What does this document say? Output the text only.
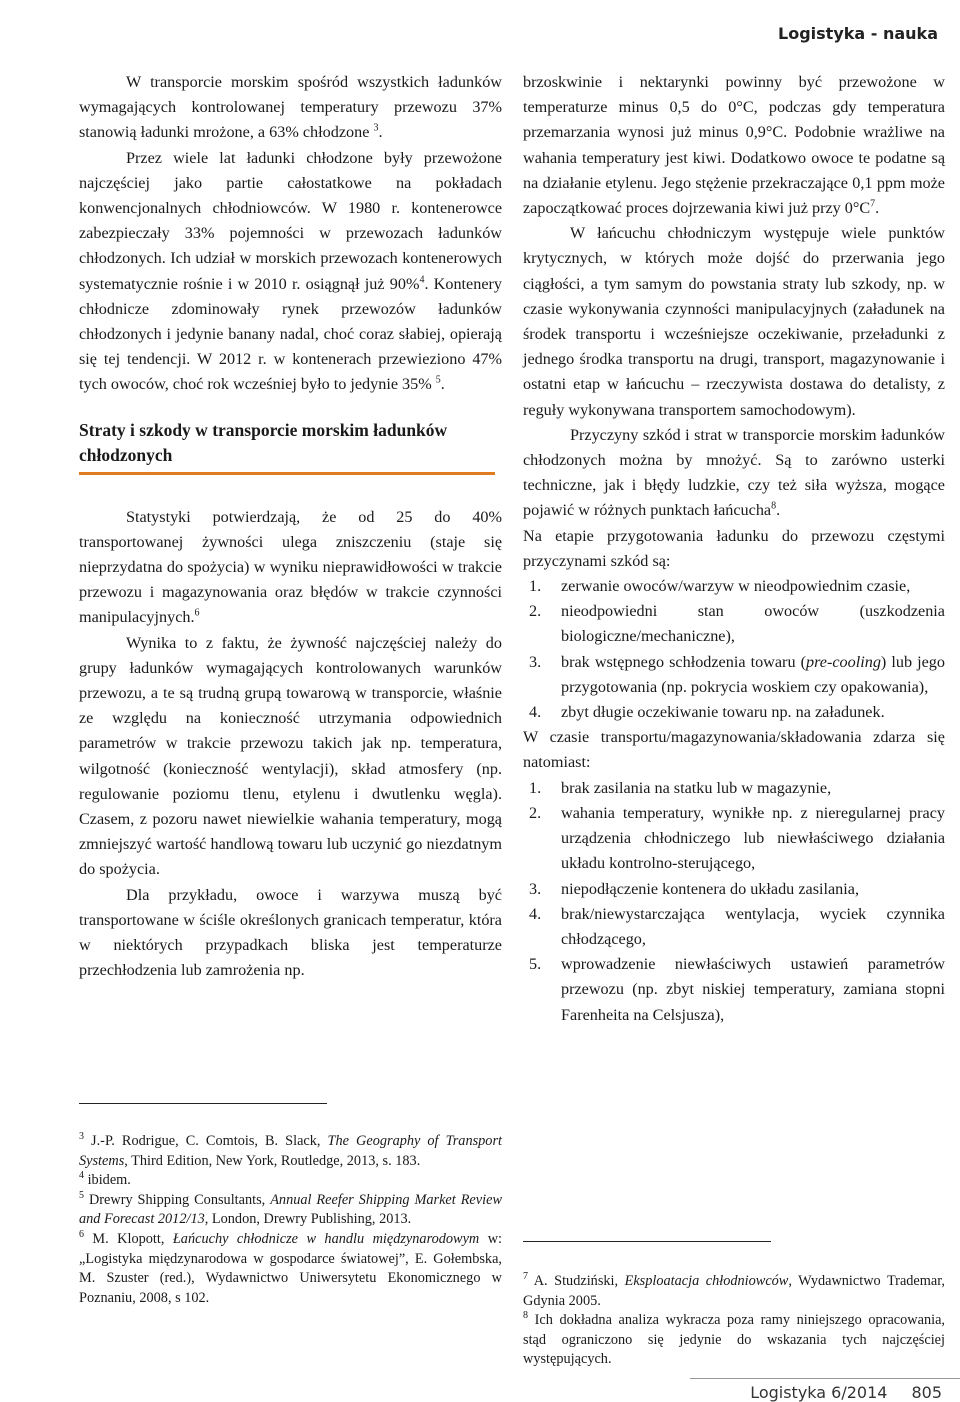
Logistyka - nauka

W transporcie morskim spośród wszystkich ładunków wymagających kontrolowanej temperatury przewozu 37% stanowią ładunki mrożone, a 63% chłodzone $^3$.

Przez wiele lat ładunki chłodzone były przewożone najczęściej jako partie całostatkowe na pokładach konwencjonalnych chłodniowców. W 1980 r. kontenerowce zabezpieczały 33% pojemności w przewozach ładunków chłodzonych. Ich udział w morskich przewozach kontenerowych systematycznie rośnie i w 2010 r. osiągnął już 90%$^4$. Kontenery chłodnicze zdominowały rynek przewozów ładunków chłodzonych i jedynie banany nadal, choć coraz słabiej, opierają się tej tendencji. W 2012 r. w kontenerach przewieziono 47% tych owoców, choć rok wcześniej było to jedynie 35% $^5$.

Straty i szkody w transporcie morskim ładunków chłodzonych

Statystyki potwierdzają, że od 25 do 40% transportowanej żywności ulega zniszczeniu (staje się nieprzydatna do spożycia) w wyniku nieprawidłowości w trakcie przewozu i magazynowania oraz błędów w trakcie czynności manipulacyjnych.$^6$

Wynika to z faktu, że żywność najczęściej należy do grupy ładunków wymagających kontrolowanych warunków przewozu, a te są trudną grupą towarową w transporcie, właśnie ze względu na konieczność utrzymania odpowiednich parametrów w trakcie przewozu takich jak np. temperatura, wilgotność (konieczność wentylacji), skład atmosfery (np. regulowanie poziomu tlenu, etylenu i dwutlenku węgla). Czasem, z pozoru nawet niewielkie wahania temperatury, mogą zmniejszyć wartość handlową towaru lub uczynić go niezdatnym do spożycia.

Dla przykładu, owoce i warzywa muszą być transportowane w ściśle określonych granicach temperatur, która w niektórych przypadkach bliska jest temperaturze przechłodzenia lub zamrożenia np.

$^3$ J.-P. Rodrigue, C. Comtois, B. Slack, The Geography of Transport Systems, Third Edition, New York, Routledge, 2013, s. 183.

$^4$ ibidem.

$^5$ Drewry Shipping Consultants, Annual Reefer Shipping Market Review and Forecast 2012/13, London, Drewry Publishing, 2013.

$^6$ M. Klopott, Łańcuchy chłodnicze w handlu międzynarodowym w: „Logistyka międzynarodowa w gospodarce światowej”, E. Gołembska, M. Szuster (red.), Wydawnictwo Uniwersytetu Ekonomicznego w Poznaniu, 2008, s 102.

brzoskwinie i nektarynki powinny być przewożone w temperaturze minus 0,5 do 0°C, podczas gdy temperatura przemarzania wynosi już minus 0,9°C. Podobnie wrażliwe na wahania temperatury jest kiwi. Dodatkowo owoce te podatne są na działanie etylenu. Jego stężenie przekraczające 0,1 ppm może zapoczątkować proces dojrzewania kiwi już przy $0^\circ C^7$.

W łańcuchu chłodniczym występuje wiele punktów krytycznych, w których może dojść do przerwania jego ciągłości, a tym samym do powstania straty lub szkody, np. w czasie wykonywania czynności manipulacyjnych (załadunek na środek transportu i wcześniejsze oczekiwanie, przeładunki z jednego środka transportu na drugi, transport, magazynowanie i ostatni etap w łańcuchu – rzeczywista dostawa do detalisty, z reguły wykonywana transportem samochodowym).

Przyczyny szkód i strat w transporcie morskim ładunków chłodzonych można by mnożyć. Są to zarówno usterki techniczne, jak i błędy ludzkie, czy też siła wyższa, mogące pojawić w różnych punktach łańcucha$^8$.

Na etapie przygotowania ładunku do przewozu częstymi przyczynami szkód są:

1. zerwanie owoców/warzyw w nieodpowiednim czasie,
2. nieodpowiedni stan owoców (uszkodzenia biologiczne/mechaniczne),
3. brak wstępnego schłodzenia towaru (pre-cooling) lub jego przygotowania (np. pokrycia woskiem czy opakowania),
4. zbyt długie oczekiwanie towaru np. na załadunek.

W czasie transportu/magazynowania/składowania zdarza się natomiast:

1. brak zasilania na statku lub w magazynie,
2. wahania temperatury, wynikłe np. z nieregularnej pracy urządzenia chłodniczego lub niewłaściwego działania układu kontrolno-sterującego,
3. niepodłączenie kontenera do układu zasilania,
4. brak/niewystarczająca wentylacja, wyciek czynnika chłodzącego,
5. wprowadzenie niewłaściwych ustawień parametrów przewozu (np. zbyt niskiej temperatury, zamiana stopni Farenheita na Celsjusza),

$^7$ A. Studziński, Eksploatacja chłodniowców, Wydawnictwo Trademar, Gdynia 2005.

$^8$ Ich dokładna analiza wykracza poza ramy niniejszego opracowania, stąd ograniczono się jedynie do wskazania tych najczęściej występujących.

Logistyka 6/2014 805
